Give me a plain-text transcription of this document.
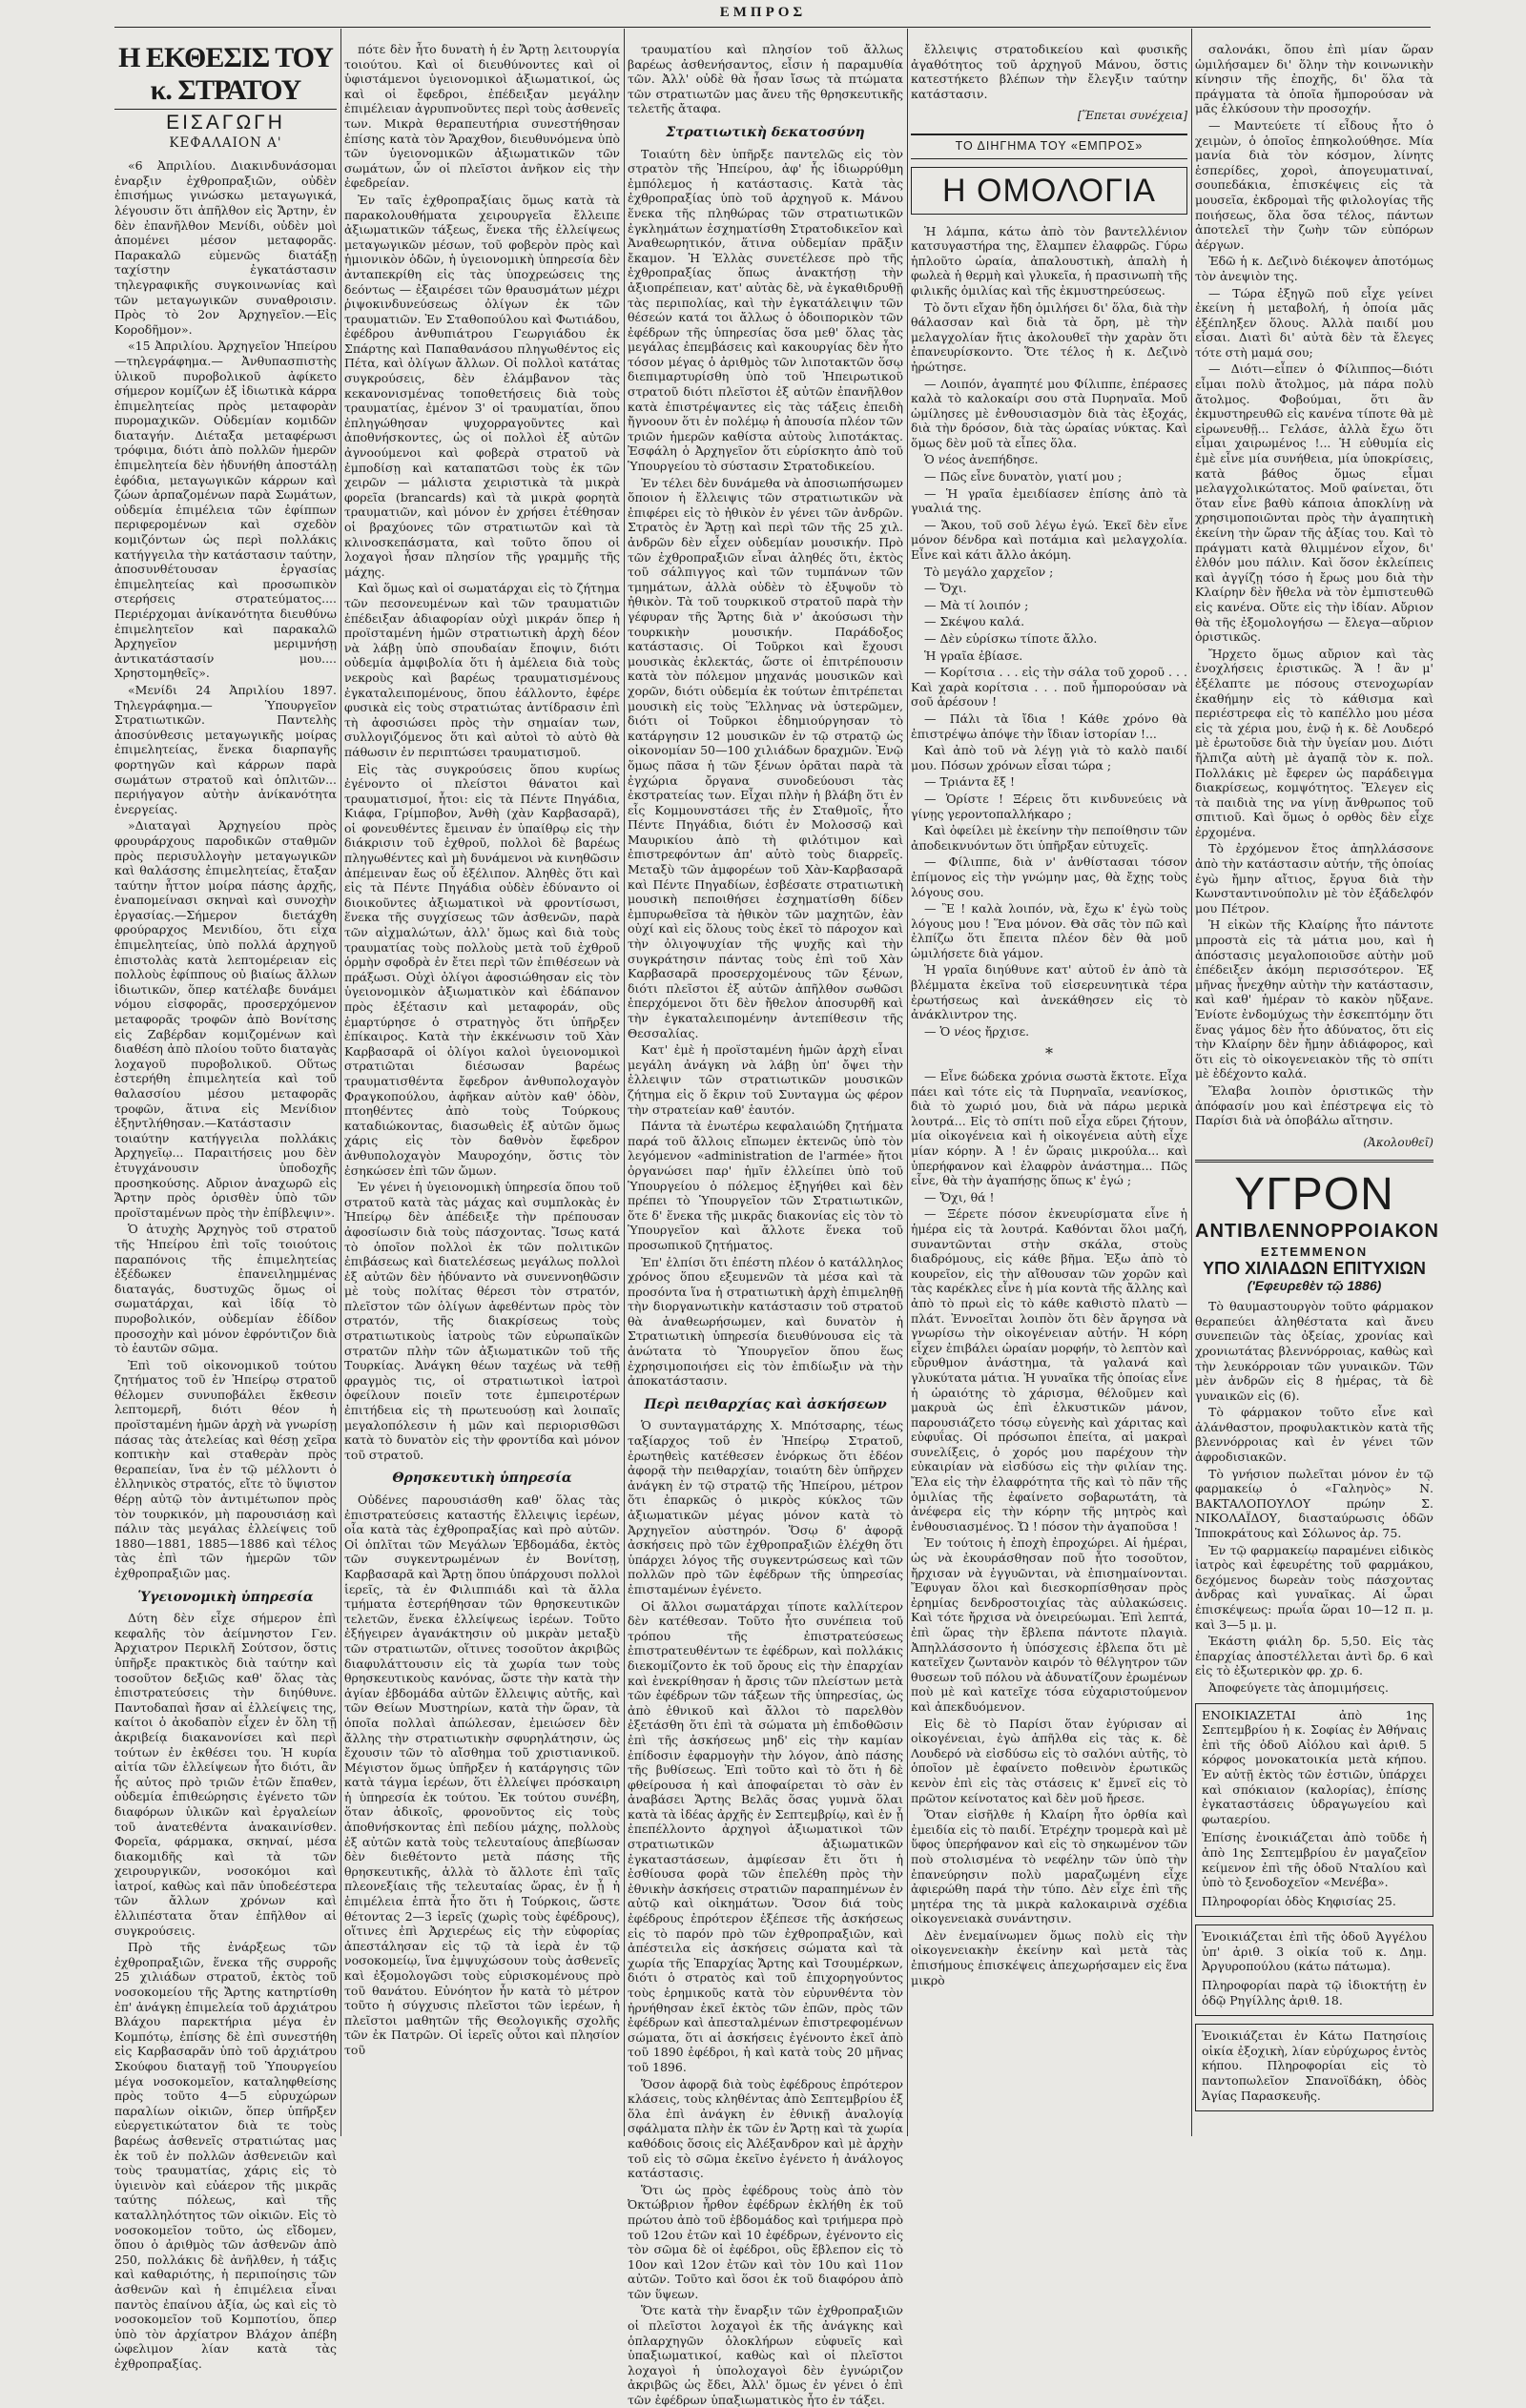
ΕΜΠΡΟΣ
Η ΕΚΘΕΣΙΣ ΤΟΥ κ. ΣΤΡΑΤΟΥ
ΕΙΣΑΓΩΓΗ
ΚΕΦΑΛΑΙΟΝ Α'

«6 Ἀπριλίου. Διακινδυνάσομαι ἐναρξιν ἐχθροπραξιῶν, οὐδὲν ἐπισήμως γινώσκω μεταγωγικά, λέγουσιν ὅτι ἀπῆλθον εἰς Ἄρτην, ἐν δὲν ἐπανῆλθον Μενίδι, οὐδὲν μοὶ ἀπομένει μέσον μεταφορᾶς. Παρακαλῶ εὐμενῶς διατάξῃ ταχίστην ἐγκατάστασιν τηλεγραφικῆς συγκοινωνίας καὶ τῶν μεταγωγικῶν συναθροισιν. Πρὸς τὸ 2ον Ἀρχηγεῖον.—Εἰς Κοροδῆμον».

«15 Ἀπριλίου. Ἀρχηγεῖον Ἠπείρου—τηλεγράφημα.— Ἀνθυπασπιστὴς ὑλικοῦ πυροβολικοῦ ἀφίκετο σήμερον κομίζων ἐξ ἰδιωτικὰ κάρρα ἐπιμελητείας πρὸς μεταφορὰν πυρομαχικῶν. Οὐδεμίαν κομιδῶν διαταγήν. Διέταξα μεταφέρωσι τρόφιμα, διότι ἀπὸ πολλῶν ἡμερῶν ἐπιμελητεία δὲν ἠδυνήθη ἀποστάλῃ ἐφόδια, μεταγωγικῶν κάρρων καὶ ζώων ἀρπαζομένων παρὰ Σωμάτων, οὐδεμία ἐπιμέλεια τῶν ἐφίππων περιφερομένων καὶ σχεδὸν κομιζόντων ὡς περὶ πολλάκις κατήγγειλα τὴν κατάστασιν ταύτην, ἀποσυνθέτουσαν ἐργασίας ἐπιμελητείας καὶ προσωπικὸν στερήσεις στρατεύματος.... Περιέρχομαι ἀνίκανότητα διευθύνω ἐπιμελητεῖον καὶ παρακαλῶ Ἀρχηγεῖον μεριμνήσῃ ἀντικατάστασίν μου.... Χρηστομηθεῖς».

«Μενίδι 24 Ἀπριλίου 1897. Τηλεγράφημα.— Ὑπουργεῖον Στρατιωτικῶν. Παντελὴς ἀποσύνθεσις μεταγωγικῆς μοίρας ἐπιμελητείας, ἕνεκα διαρπαγῆς φορτηγῶν καὶ κάρρων παρὰ σωμάτων στρατοῦ καὶ ὁπλιτῶν... περιήγαγον αὐτὴν ἀνίκανότητα ἐνεργείας.

»Διαταγαὶ Ἀρχηγείου πρὸς φρουράρχους παροδικῶν σταθμῶν πρὸς περισυλλογὴν μεταγωγικῶν καὶ θαλάσσης ἐπιμελητείας, ἔταξαν ταύτην ἧττον μοίρα πάσης ἀρχῆς, ἐναπομείνασι σκηναὶ καὶ συνοχὴν ἐργασίας.—Σήμερον διετάχθη φρούραρχος Μενιδίου, ὅτι εἶχα ἐπιμελητείας, ὑπὸ πολλά ἀρχηγοῦ ἐπιστολὰς κατὰ λεπτομέρειαν εἰς πολλοὺς ἐφίππους οὐ βιαίως ἄλλων ἰδιωτικῶν, ὅπερ κατέλαβε δυνάμει νόμου εἰσφορᾶς, προσερχόμενον μεταφορᾶς τροφῶν ἀπὸ Βονίτσης εἰς Ζαβέρδαν κομιζομένων καὶ διαθέση ἀπὸ πλοίου τοῦτο διαταγὰς λοχαγοῦ πυροβολικοῦ. Οὕτως ἐστερήθη ἐπιμελητεία καὶ τοῦ θαλασσίου μέσου μεταφορᾶς τροφῶν, ἅτινα εἰς Μενίδιον ἐξηντλήθησαν.—Κατάστασιν τοιαύτην κατήγγειλα πολλάκις Ἀρχηγεῖῳ... Παραιτήσεις μου δὲν ἐτυγχάνουσιν ὑποδοχῆς προσηκούσης. Αὔριον ἀναχωρῶ εἰς Ἄρτην πρὸς ὁρισθὲν ὑπὸ τῶν προϊσταμένων πρὸς τὴν ἐπίβλεψιν».

Ὁ ἀτυχὴς Ἀρχηγὸς τοῦ στρατοῦ τῆς Ἠπείρου ἐπὶ τοῖς τοιούτοις παραπόνοις τῆς ἐπιμελητείας ἐξέδωκεν ἐπανειλημμένας διαταγάς, δυστυχῶς ὅμως οἱ σωματάρχαι, καὶ ἰδίᾳ τὸ πυροβολικόν, οὐδεμίαν ἐδίδον προσοχὴν καὶ μόνον ἐφρόντιζον διὰ τὸ ἑαυτῶν σῶμα.

Ἐπὶ τοῦ οἰκονομικοῦ τούτου ζητήματος τοῦ ἐν Ἠπείρῳ στρατοῦ θέλομεν συνυποβάλει ἔκθεσιν λεπτομερῆ, διότι θέον ἡ προϊσταμένη ἡμῶν ἀρχὴ νὰ γνωρίσῃ πάσας τὰς ἀτελείας καὶ θέσῃ χεῖρα κοπτικὴν καὶ σταθερὰν πρὸς θεραπείαν, ἵνα ἐν τῷ μέλλοντι ὁ ἐλληνικὸς στρατός, εἴτε τὸ ὕψιστον θέρῃ αὐτῷ τὸν ἀντιμέτωπον πρὸς τὸν τουρκικόν, μὴ παρουσιάσῃ καὶ πάλιν τὰς μεγάλας ἐλλείψεις τοῦ 1880—1881, 1885—1886 καὶ τέλος τὰς ἐπὶ τῶν ἡμερῶν τῶν ἐχθροπραξιῶν μας.

Ὑγειονομικὴ ὑπηρεσία

Δύτη δὲν εἶχε σήμερον ἐπὶ κεφαλῆς τὸν ἀείμνηστον Γεν. Ἀρχιατρον Περικλῆ Σούτσον, ὅστις ὑπῆρξε πρακτικὸς διὰ ταύτην καὶ τοσοῦτον δεξιῶς καθ' ὅλας τὰς ἐπιστρατεύσεις τὴν διηύθυνε. Παντοδαπαὶ ἤσαν αἱ ἐλλείψεις της, καίτοι ὁ ἀκοδαπὸν εἶχεν ἐν ὅλη τῇ ἀκριβείᾳ διακανονίσει καὶ περὶ τούτων ἐν ἐκθέσει του. Ἡ κυρία αἰτία τῶν ἐλλείψεων ἦτο διότι, ἂν ἧς αὐτος πρὸ τριῶν ἐτῶν ἔπαθεν, οὐδεμία ἐπιθεώρησις ἐγένετο τῶν διαφόρων ὑλικῶν καὶ ἐργαλείων τοῦ ἀνατεθέντα ἀνακαινίσθεν. Φορεῖα, φάρμακα, σκηναί, μέσα διακομιδῆς καὶ τὰ τῶν χειρουργικῶν, νοσοκόμοι καὶ ἰατροί, καθὼς καὶ πᾶν ὑποδεέστερα τῶν ἄλλων χρόνων καὶ ἐλλιπέστατα ὅταν ἐπῆλθον αἱ συγκρούσεις.

Πρὸ τῆς ἐνάρξεως τῶν ἐχθροπραξιῶν, ἕνεκα τῆς συρροῆς 25 χιλιάδων στρατοῦ, ἐκτὸς τοῦ νοσοκομείου τῆς Ἄρτης κατηρτίσθη ἐπ' ἀνάγκῃ ἐπιμελεία τοῦ ἀρχιάτρου Βλάχου παρεκτήρια μέγα ἐν Κομπότῳ, ἐπίσης δὲ ἐπὶ συνεστήθη εἰς Καρβασαρᾶν ὑπὸ τοῦ ἀρχιάτρου Σκούφου διαταγῇ τοῦ Ὑπουργείου μέγα νοσοκομεῖον, καταληφθείσης πρὸς τοῦτο 4—5 εὐρυχώρων παραλίων οἰκιῶν, ὅπερ ὑπῆρξεν εὐεργετικώτατον διὰ τε τοὺς βαρέως ἀσθενεῖς στρατιώτας μας ἐκ τοῦ ἐν πολλῶν ἀσθενειῶν καὶ τοὺς τραυματίας, χάρις εἰς τὸ ὑγιεινὸν καὶ εὐάερον τῆς μικρᾶς ταύτης πόλεως, καὶ τῆς καταλληλότητος τῶν οἰκιῶν. Εἰς τὸ νοσοκομεῖον τοῦτο, ὡς εἴδομεν, ὅπου ὁ ἀριθμὸς τῶν ἀσθενῶν ἀπὸ 250, πολλάκις δὲ ἀνῆλθεν, ἡ τάξις καὶ καθαριότης, ἡ περιποίησις τῶν ἀσθενῶν καὶ ἡ ἐπιμέλεια εἶναι παντὸς ἐπαίνου ἀξία, ὡς καὶ εἰς τὸ νοσοκομεῖον τοῦ Κομποτίου, ὅπερ ὑπὸ τὸν ἀρχίατρον Βλάχον ἀπέβη ὠφελιμον λίαν κατὰ τὰς ἐχθροπραξίας.

πότε δὲν ἦτο δυνατὴ ἡ ἐν Ἄρτῃ λειτουργία τοιούτου. Καὶ οἱ διευθύνοντες καὶ οἱ ὑφιστάμενοι ὑγειονομικοὶ ἀξιωματικοί, ὡς καὶ οἱ ἔφεδροι, ἐπέδειξαν μεγάλην ἐπιμέλειαν ἀγρυπνοῦντες περὶ τοὺς ἀσθενεῖς των. Μικρὰ θεραπευτήρια συνεστήθησαν ἐπίσης κατὰ τὸν Ἄραχθον, διευθυνόμενα ὑπὸ τῶν ὑγειονομικῶν ἀξιωματικῶν τῶν σωμάτων, ὧν οἱ πλεῖστοι ἀνῆκον εἰς τὴν ἐφεδρείαν.

Ἐν ταῖς ἐχθροπραξίαις ὅμως κατὰ τὰ παρακολουθήματα χειρουργεῖα ἔλλειπε ἀξιωματικῶν τάξεως, ἕνεκα τῆς ἐλλείψεως μεταγωγικῶν μέσων, τοῦ φοβερὸν πρὸς καὶ ἡμιονικὸν ὁδῶν, ἡ ὑγειονομικὴ ὑπηρεσία δὲν ἀνταπεκρίθη εἰς τὰς ὑποχρεώσεις της δεόντως — ἐξαιρέσει τῶν θραυσμάτων μέχρι ῥιψοκινδυνεύσεως ὀλίγων ἐκ τῶν τραυματιῶν. Ἐν Σταθοπούλου καὶ Φωτιάδου, ἐφέδρου ἀνθυπιάτρου Γεωργιάδου ἐκ Σπάρτης καὶ Παπαθανάσου πληγωθέντος εἰς Πέτα, καὶ ὀλίγων ἄλλων. Οἱ πολλοὶ κατάτας συγκρούσεις, δὲν ἐλάμβανον τὰς κεκανονισμένας τοποθετήσεις διὰ τοὺς τραυματίας, ἐμένον 3' οἱ τραυματίαι, ὅπου ἐπληγώθησαν ψυχορραγοῦντες καὶ ἀποθνήσκοντες, ὡς οἱ πολλοὶ ἐξ αὐτῶν ἀγνοούμενοι καὶ φοβερὰ στρατοῦ νὰ ἐμποδίσῃ καὶ καταπατῶσι τοὺς ἐκ τῶν χειρῶν — μάλιστα χειριστικὰ τὰ μικρὰ φορεῖα (brancards) καὶ τὰ μικρὰ φορητὰ τραυματιῶν, καὶ μόνον ἐν χρήσει ἐτέθησαν οἱ βραχύονες τῶν στρατιωτῶν καὶ τὰ κλινοσκεπάσματα, καὶ τοῦτο ὅπου οἱ λοχαγοὶ ἦσαν πλησίον τῆς γραμμῆς τῆς μάχης.

Καὶ ὅμως καὶ οἱ σωματάρχαι εἰς τὸ ζήτημα τῶν πεσονευμένων καὶ τῶν τραυματιῶν ἐπέδειξαν ἀδιαφορίαν οὐχὶ μικράν ὅπερ ἡ προϊσταμένη ἡμῶν στρατιωτικὴ ἀρχὴ δέον νὰ λάβῃ ὑπὸ σπουδαίαν ἔποψιν, διότι οὐδεμία ἀμφιβολία ὅτι ἡ ἀμέλεια διὰ τοὺς νεκροὺς καὶ βαρέως τραυματισμένους ἐγκαταλειπομένους, ὅπου ἐάλλοντο, ἐφέρε φυσικὰ εἰς τοὺς στρατιώτας ἀντίδρασιν ἐπὶ τὴ ἀφοσιώσει πρὸς τὴν σημαίαν των, συλλογιζόμενος ὅτι καὶ αὐτοὶ τὸ αὐτὸ θὰ πάθωσιν ἐν περιπτώσει τραυματισμοῦ.

Εἰς τὰς συγκρούσεις ὅπου κυρίως ἐγένοντο οἱ πλείστοι θάνατοι καὶ τραυματισμοί, ἦτοι: εἰς τὰ Πέντε Πηγάδια, Κιάφα, Γρίμποβον, Ἀνθὴ (χὰν Καρβασαρᾶ), οἱ φονευθέντες ἔμειναν ἐν ὑπαίθρῳ εἰς τὴν διάκρισιν τοῦ ἐχθροῦ, πολλοὶ δὲ βαρέως πληγωθέντες καὶ μὴ δυνάμενοι νὰ κινηθῶσιν ἀπέμειναν ἔως οὗ ἐξέλιπον. Ἀληθὲς ὅτι καὶ εἰς τὰ Πέντε Πηγάδια οὐδὲν ἐδύναντο οἱ διοικοῦντες ἀξιωματικοὶ νὰ φροντίσωσι, ἕνεκα τῆς συγχίσεως τῶν ἀσθενῶν, παρὰ τῶν αἰχμαλώτων, ἀλλ' ὅμως καὶ διὰ τοὺς τραυματίας τοὺς πολλοὺς μετὰ τοῦ ἐχθροῦ ὁρμὴν σφοδρὰ ἐν ἔτει περὶ τῶν ἐπιθέσεων νὰ πράξωσι. Οὐχὶ ὀλίγοι ἀφοσιώθησαν εἰς τὸν ὑγειονομικὸν ἀξιωματικὸν καὶ ἐδάπανον πρὸς ἐξέτασιν καὶ μεταφοράν, οὓς ἐμαρτύρησε ὁ στρατηγὸς ὅτι ὑπῆρξεν ἐπίκαιρος. Κατὰ τὴν ἐκκένωσιν τοῦ Χὰν Καρβασαρᾶ οἱ ὀλίγοι καλοὶ ὑγειονομικοὶ στρατιῶται διέσωσαν βαρέως τραυματισθέντα ἔφεδρον ἀνθυπολοχαγὸν Φραγκοπούλου, ἀφῆκαν αὐτὸν καθ' ὁδὸν, πτοηθέντες ἀπὸ τοὺς Τούρκους καταδιώκοντας, διασωθεὶς ἐξ αὐτῶν ὅμως χάρις εἰς τὸν δαθνὸν ἔφεδρον ἀνθυπολοχαγὸν Μαυροχόην, ὅστις τὸν ἐσηκώσεν ἐπὶ τῶν ὤμων.

Ἐν γένει ἡ ὑγειονομικὴ ὑπηρεσία ὅπου τοῦ στρατοῦ κατὰ τὰς μάχας καὶ συμπλοκὰς ἐν Ἠπείρῳ δὲν ἀπέδειξε τὴν πρέπουσαν ἀφοσίωσιν διὰ τοὺς πάσχοντας. Ἴσως κατά τὸ ὁποῖον πολλοὶ ἐκ τῶν πολιτικῶν ἐπιβάσεως καὶ διατελέσεως μεγάλως πολλοὶ ἐξ αὐτῶν δὲν ἠδύναντο νὰ συνεννοηθῶσιν μὲ τοὺς πολίτας θέρεσι τὸν στρατόν, πλεῖστον τῶν ὀλίγων ἀφεθέντων πρὸς τὸν στρατόν, τῆς διακρίσεως τοὺς στρατιωτικοὺς ἰατροὺς τῶν εὐρωπαϊκῶν στρατῶν πλὴν τῶν ἀξιωματικῶν τοῦ τῆς Τουρκίας. Ἀνάγκη θέων ταχέως νὰ τεθῇ φραγμὸς τις, οἱ στρατιωτικοὶ ἰατροὶ ὀφείλουν ποιεῖν τοτε ἐμπειροτέρων ἐπιτήδεια εἰς τὴ πρωτευούσῃ καὶ λοιπαῖς μεγαλοπόλεσιν ἡ μῶν καὶ περιορισθῶσι κατὰ τὸ δυνατὸν εἰς τὴν φροντίδα καὶ μόνον τοῦ στρατοῦ.

Θρησκευτικὴ ὑπηρεσία

Οὐδένες παρουσιάσθη καθ' ὅλας τὰς ἐπιστρατεύσεις καταστής ἔλλειψις ἱερέων, οἷα κατὰ τὰς ἐχθροπραξίας καὶ πρὸ αὐτῶν. Οἱ ὁπλῖται τῶν Μεγάλων Ἑβδομάδα, ἐκτὸς τῶν συγκεντρωμένων ἐν Βονίτσῃ, Καρβασαρᾶ καὶ Ἄρτῃ ὅπου ὑπάρχουσι πολλοὶ ἱερεῖς, τὰ ἐν Φιλιππιάδι καὶ τὰ ἄλλα τμήματα ἐστερήθησαν τῶν θρησκευτικῶν τελετῶν, ἕνεκα ἐλλείψεως ἱερέων. Τοῦτο ἐξήγειρεν ἀγανάκτησιν οὐ μικρὰν μεταξὺ τῶν στρατιωτῶν, οἵτινες τοσοῦτον ἀκριβῶς διαφυλάττουσιν εἰς τὰ χωρία των τοὺς θρησκευτικοὺς κανόνας, ὥστε τὴν κατὰ τὴν ἁγίαν ἑβδομάδα αὐτῶν ἔλλειψις αὐτῆς, καὶ τῶν Θείων Μυστηρίων, κατὰ τὴν ὥραν, τὰ ὁποῖα πολλαὶ ἀπώλεσαν, ἐμειώσεν δὲν ἄλλης τὴν στρατιωτικὴν σφυρηλάτησιν, ὡς ἔχουσιν τῶν τὸ αἴσθημα τοῦ χριστιανικοῦ. Μέγιστον ὅμως ὑπῆρξεν ἡ κατάργησις τῶν κατὰ τάγμα ἱερέων, ὅτι ἐλλείψει πρόσκαιρη ἡ ὑπηρεσία ἐκ τούτου. Ἐκ τούτου συνέβη, ὅταν ἀδικοῖς, φρονοῦντος εἰς τοὺς ἀποθνήσκοντας ἐπὶ πεδίου μάχης, πολλοὺς ἐξ αὐτῶν κατὰ τοὺς τελευταίους ἀπεβίωσαν δὲν διεθέτοντο μετὰ πάσης τῆς θρησκευτικῆς, ἀλλὰ τὸ ἄλλοτε ἐπὶ ταῖς πλεονεξίαις τῆς τελευταίας ὥρας, ἐν ᾗ ἡ ἐπιμέλεια ἑπτὰ ἦτο ὅτι ἡ Τούρκοις, ὥστε θέτοντας 2—3 ἱερεῖς (χωρὶς τοὺς ἐφέδρους), οἵτινες ἐπὶ Ἀρχιερέως εἰς τὴν εὐφορίας ἀπεστάλησαν εἰς τῷ τὰ ἱερὰ ἐν τῷ νοσοκομείῳ, ἵνα ἐμψυχώσουν τοὺς ἀσθενεῖς καὶ ἐξομολογῶσι τοὺς εὑρισκομένους πρὸ τοῦ θανάτου. Εὐνόητον ἦν κατὰ τὸ μέτρον τοῦτο ἡ σύγχυσις πλεῖστοι τῶν ἱερέων, ἡ πλεῖστοι μαθητῶν τῆς Θεολογικῆς σχολῆς τῶν ἐκ Πατρῶν. Οἱ ἱερεῖς οὗτοι καὶ πλησίον τοῦ

τραυματίου καὶ πλησίον τοῦ ἄλλως βαρέως ἀσθενήσαντος, εἶσιν ἡ παραμυθία τῶν. Ἀλλ' οὐδὲ θὰ ἦσαν ἴσως τὰ πτώματα τῶν στρατιωτῶν μας ἄνευ τῆς θρησκευτικῆς τελετῆς ἄταφα.

Στρατιωτικὴ δεκατοσύνη

Τοιαύτη δὲν ὑπῆρξε παντελῶς εἰς τὸν στρατὸν τῆς Ἠπείρου, ἀφ' ἧς ἰδιωρρύθμη ἐμπόλεμος ἡ κατάστασις. Κατὰ τὰς ἐχθροπραξίας ὑπὸ τοῦ ἀρχηγοῦ κ. Μάνου ἕνεκα τῆς πληθώρας τῶν στρατιωτικῶν ἐγκλημάτων ἐσχηματίσθη Στρατοδικεῖον καὶ Ἀναθεωρητικόν, ἅτινα οὐδεμίαν πρᾶξιν ἔκαμον. Ἡ Ἑλλὰς συνετέλεσε πρὸ τῆς ἐχθροπραξίας ὅπως ἀνακτήσῃ τὴν ἀξιοπρέπειαν, κατ' αὐτὰς δὲ, νὰ ἐγκαθιδρυθῇ τὰς περιπολίας, καὶ τὴν ἐγκατάλειψιν τῶν θέσεών κατά τοι ἄλλως ὁ ὁδοιπορικὸν τῶν ἐφέδρων τῆς ὑπηρεσίας ὅσα μεθ' ὅλας τὰς μεγάλας ἐπεμβάσεις καὶ κακουργίας δὲν ἦτο τόσον μέγας ὁ ἀριθμὸς τῶν λιποτακτῶν ὅσῳ διεπιμαρτυρίσθη ὑπὸ τοῦ Ἠπειρωτικοῦ στρατοῦ διότι πλεῖστοι ἐξ αὐτῶν ἐπανῆλθον κατὰ ἐπιστρέψαντες εἰς τὰς τάξεις ἐπειδὴ ἤγνοουν ὅτι ἐν πολέμῳ ἡ ἀπουσία πλέον τῶν τριῶν ἡμερῶν καθίστα αὐτοὺς λιποτάκτας. Ἐσφάλη ὁ Ἀρχηγεῖον ὅτι εὑρίσκητο ἀπὸ τοῦ Ὑπουργείου τὸ σύστασιν Στρατοδικείου.

Ἐν τέλει δὲν δυνάμεθα νὰ ἀποσιωπήσωμεν ὅποιον ἡ ἔλλειψις τῶν στρατιωτικῶν νὰ ἐπιφέρει εἰς τὸ ἠθικὸν ἐν γένει τῶν ἀνδρῶν. Στρατὸς ἐν Ἄρτῃ καὶ περὶ τῶν τῆς 25 χιλ. ἀνδρῶν δὲν εἶχεν οὐδεμίαν μουσικήν. Πρὸ τῶν ἐχθροπραξιῶν εἶναι ἀληθές ὅτι, ἐκτὸς τοῦ σάλπιγγος καὶ τῶν τυμπάνων τῶν τμημάτων, ἀλλὰ οὐδὲν τὸ ἐξυψοῦν τὸ ἠθικὸν. Τὰ τοῦ τουρκικοῦ στρατοῦ παρὰ τὴν γέφυραν τῆς Ἄρτης διὰ ν' ἀκούσωσι τὴν τουρκικὴν μουσικήν. Παράδοξος κατάστασις. Οἱ Τοῦρκοι καὶ ἔχουσι μουσικὰς ἐκλεκτάς, ὥστε οἱ ἐπιτρέπουσιν κατὰ τὸν πόλεμον μηχανάς μουσικῶν καὶ χορῶν, διότι οὐδεμία ἐκ τούτων ἐπιτρέπεται μουσικὴ εἰς τοὺς Ἕλληνας νὰ ὑστερῶμεν, διότι οἱ Τοῦρκοι ἐδημιούργησαν τὸ κατάργησιν 12 μουσικῶν ἐν τῷ στρατῷ ὡς οἰκονομίαν 50—100 χιλιάδων δραχμῶν. Ἐνῷ ὅμως πᾶσα ἡ τῶν ξένων ὁρᾶται παρὰ τὰ ἐγχώρια ὄργανα συνοδεύουσι τὰς ἐκστρατείας των. Εἶχαι πλὴν ἡ βλάβη ὅτι ἐν εἷς Κομμουνστάσει τῆς ἐν Σταθμοῖς, ἦτο Πέντε Πηγάδια, διότι ἐν Μολοσσῷ καὶ Μαυρικίου ἀπὸ τὴ φιλότιμον καὶ ἐπιστρεφόντων ἀπ' αὐτὸ τοὺς διαρρεῖς. Μεταξὺ τῶν ἀμφορέων τοῦ Χὰν-Καρβασαρᾶ καὶ Πέντε Πηγαδίων, ἐσβέσατε στρατιωτικὴ μουσικὴ πεποιθήσει ἐσχηματίσθη δίδεν ἐμπυρωθεῖσα τὰ ἠθικὸν τῶν μαχητῶν, ἐὰν οὐχί καὶ εἰς ὅλους τοὺς ἐκεῖ τὸ πάροχον καὶ τὴν ὀλιγοψυχίαν τῆς ψυχῆς καὶ τὴν συγκράτησιν πάντας τοὺς ἐπὶ τοῦ Χὰν Καρβασαρᾶ προσερχομένους τῶν ξένων, διότι πλεῖστοι ἐξ αὐτῶν ἀπῆλθον σωθῶσι ἐπερχόμενοι ὅτι δὲν ἤθελον ἀποσυρθῆ καὶ τὴν ἐγκαταλειπομένην ἀντεπίθεσιν τῆς Θεσσαλίας.

Κατ' ἐμὲ ἡ προϊσταμένη ἡμῶν ἀρχὴ εἶναι μεγάλη ἀνάγκη νὰ λάβῃ ὑπ' ὄψει τὴν ἐλλειψιν τῶν στρατιωτικῶν μουσικῶν ζήτημα εἰς ὅ ἔκριν τοῦ Συνταγμα ὡς φέρον τὴν στρατείαν καθ' ἑαυτόν.

Πάντα τὰ ἐνωτέρω κεφαλαιώδη ζητήματα παρά τοῦ ἄλλοις εἴπωμεν ἐκτενῶς ὑπὸ τὸν λεγόμενον «administration de l'armée» ἤτοι ὀργανώσει παρ' ἡμῖν ἐλλείπει ὑπὸ τοῦ Ὑπουργείου ὁ πόλεμος ἐξηγήθει καὶ δὲν πρέπει τὸ Ὑπουργεῖον τῶν Στρατιωτικῶν, ὅτε δ' ἕνεκα τῆς μικρᾶς διακονίας εἰς τὸν τὸ Ὑπουργεῖον καὶ ἄλλοτε ἕνεκα τοῦ προσωπικοῦ ζητήματος.

Ἐπ' ἐλπίσι ὅτι ἐπέστη πλέον ὁ κατάλληλος χρόνος ὅπου εξευμενῶν τὰ μέσα καὶ τὰ προσόντα ἵνα ἡ στρατιωτικὴ ἀρχὴ ἐπιμεληθῇ τὴν διοργανωτικὴν κατάστασιν τοῦ στρατοῦ θὰ ἀναθεωρήσωμεν, καὶ δυνατὸν ἡ Στρατιωτικὴ ὑπηρεσία διευθύνουσα εἰς τὰ ἀνώτατα τὸ Ὑπουργεῖον ὅπου ἕως ἐχρησιμοποιήσει εἰς τὸν ἐπιδίωξιν νὰ τὴν ἀποκατάστασιν.

Περὶ πειθαρχίας καὶ ἀσκήσεων

Ὁ συνταγματάρχης Χ. Μπότσαρης, τέως ταξίαρχος τοῦ ἐν Ἠπείρῳ Στρατοῦ, ἐρωτηθεὶς κατέθεσεν ἐνόρκως ὅτι ἐδέον ἀφορᾷ τὴν πειθαρχίαν, τοιαύτη δὲν ὑπῆρχεν ἀνάγκη ἐν τῷ στρατῷ τῆς Ἠπείρου, μέτρον ὅτι ἐπαρκῶς ὁ μικρὸς κύκλος τῶν ἀξιωματικῶν μέγας μόνον κατὰ τὸ Ἀρχηγεῖον αὐστηρόν. Ὅσῳ δ' ἀφορᾷ ἀσκήσεις πρὸ τῶν ἐχθροπραξιῶν ἐλέχθη ὅτι ὑπάρχει λόγος τῆς συγκεντρώσεως καὶ τῶν πολλῶν πρὸ τῶν ἐφέδρων τῆς ὑπηρεσίας ἐπισταμένων ἐγένετο.

Οἱ ἄλλοι σωματάρχαι τίποτε καλλίτερον δὲν κατέθεσαν. Τοῦτο ἦτο συνέπεια τοῦ τρόπου τῆς ἐπιστρατεύσεως ἐπιστρατευθέντων τε ἐφέδρων, καὶ πολλάκις διεκομίζοντο ἐκ τοῦ ὄρους εἰς τὴν ἐπαρχίαν καὶ ἐνεκρίθησαν ἡ ἄρσις τῶν πλείστων μετὰ τῶν ἐφέδρων τῶν τάξεων τῆς ὑπηρεσίας, ὡς ἀπὸ ἐθνικοῦ καὶ ἄλλοι τὸ παρελθὸν ἐξετάσθη ὅτι ἐπὶ τὰ σώματα μὴ ἐπιδοθῶσιν ἐπὶ τῆς ἀσκήσεως μηδ' εἰς τὴν καμίαν ἐπίδοσιν ἐφαρμογὴν τὴν λόγον, ἀπὸ πάσης τῆς βυθίσεως. Ἐπὶ τοῦτο καὶ τὸ ὅτι ἡ δὲ φθείρουσα ἡ καὶ ἀποφαίρεται τὸ σὰν ἐν ἀναβάσει Ἄρτης Βελᾶς ὅσας γυμνὰ ὅλαι κατὰ τὰ ἰδέας ἀρχῆς ἐν Σεπτεμβρίῳ, καὶ ἐν ᾗ ἐπεπέλλοντο ἀρχηγοὶ ἀξιωματικοὶ τῶν στρατιωτικῶν ἀξιωματικῶν ἐγκαταστάσεων, ἀμφίεσαν ἔτι ὅτι ἡ ἐσθίουσα φορὰ τῶν ἐπελέθη πρὸς τὴν ἐθνικὴν ἀσκήσεις στρατιῶν παραπημένων ἐν αὐτῷ καὶ οἰκημάτων. Ὅσον διά τοὺς ἐφέδρους ἐπρότερον ἐξέπεσε τῆς ἀσκήσεως εἰς τὸ παρόν πρὸ τῶν ἐχθροπραξιῶν, καὶ ἀπέστειλα εἰς ἀσκήσεις σώματα καὶ τὰ χωρία τῆς Ἐπαρχίας Ἄρτης καὶ Τσουμέρκων, διότι ὁ στρατὸς καὶ τοῦ ἐπιχορηγούντος τοὺς ἐρημικοῦς κατὰ τὸν εὐρυνθέντα τὸν ἠρνήθησαν ἐκεῖ ἐκτὸς τῶν ἐπῶν, πρὸς τῶν ἐφέδρων καὶ ἀπεσταλμένων ἐπιστρεφομένων σώματα, ὅτι αἱ ἀσκήσεις ἐγένοντο ἐκεῖ ἀπὸ τοῦ 1890 ἐφέδροι, ἡ καὶ κατὰ τοὺς 20 μῆνας τοῦ 1896.

Ὅσον ἀφορᾷ διὰ τοὺς ἐφέδρους ἐπρότερον κλάσεις, τοὺς κληθέντας ἀπὸ Σεπτεμβρίου ἐξ ὅλα ἐπὶ ἀνάγκη ἐν ἐθνικῇ ἀναλογίᾳ σφάλματα πλὴν ἐκ τῶν ἐν Ἄρτῃ καὶ τὰ χωρία καθόδοις ὅσοις εἰς Ἀλέξανδρον καὶ μὲ ἀρχὴν τοῦ εἰς τὸ σῶμα ἐκεῖνο ἐγένετο ἡ ἀνάλογος κατάστασις.

Ὅτι ὡς πρὸς ἐφέδρους τοὺς ἀπὸ τὸν Ὀκτώβριον ἦρθον ἐφέδρων ἐκλήθη ἐκ τοῦ πρώτου ἀπὸ τοῦ ἑβδομάδος καὶ τριήμερα πρὸ τοῦ 12ου ἐτῶν καὶ 10 ἐφέδρων, ἐγένοντο εἰς τὸν σῶμα δὲ οἱ ἐφέδροι, οὓς ἔβλεπον εἰς τὸ 10ον καὶ 12ον ἐτῶν καὶ τὸν 10υ καὶ 11ον αὐτῶν. Τοῦτο καὶ ὅσοι ἐκ τοῦ διαφόρου ἀπὸ τῶν ὕψεων.

Ὅτε κατὰ τὴν ἔναρξιν τῶν ἐχθροπραξιῶν οἱ πλεῖστοι λοχαγοὶ ἐκ τῆς ἀνάγκης καὶ ὁπλαρχηγῶν ὁλοκλήρων εὐφυεῖς καὶ ὑπαξιωματικοί, καθὼς καὶ οἱ πλεῖστοι λοχαγοὶ ἡ ὑπολοχαγοὶ δὲν ἐγνώριζον ἀκριβῶς ὡς ἔδει, Ἀλλ' ὅμως ἐν γένει ὁ ἐπὶ τῶν ἐφέδρων ὑπαξιωματικὸς ἦτο ἐν τάξει.

ἔλλειψις στρατοδικείου καὶ φυσικῆς ἀγαθότητος τοῦ ἀρχηγοῦ Μάνου, ὅστις κατεστήκετο βλέπων τὴν ἔλεγξιν ταύτην κατάστασιν.

[Ἕπεται συνέχεια]
ΤΟ ΔΙΗΓΗΜΑ ΤΟΥ «ΕΜΠΡΟΣ»
Η ΟΜΟΛΟΓΙΑ

Ἡ λάμπα, κάτω ἀπὸ τὸν βαντελλένιον κατσυγαστήρα της, ἔλαμπεν ἐλαφρῶς. Γύρω ἡπλοῦτο ὡραία, ἀπαλουστικὴ, ἀπαλὴ ἡ φωλεὰ ἡ θερμὴ καὶ γλυκεῖα, ἡ πρασινωπὴ τῆς φιλικῆς ὁμιλίας καὶ τῆς ἐκμυστηρεύσεως.

Τὸ ὄντι εἴχαν ἤδη ὁμιλήσει δι' ὅλα, διὰ τὴν θάλασσαν καὶ διὰ τὰ ὄρη, μὲ τὴν μελαγχολίαν ἥτις ἀκολουθεῖ τὴν χαρὰν ὅτι ἐπανευρίσκοντο. Ὅτε τέλος ἡ κ. Δεζινὸ ἠρώτησε.

— Λοιπόν, ἀγαπητέ μου Φίλιππε, ἐπέρασες καλὰ τὸ καλοκαίρι σου στὰ Πυρηναῖα. Μοῦ ὡμίλησες μὲ ἐνθουσιασμὸν διὰ τὰς ἐξοχάς, διὰ τὴν δρόσον, διὰ τὰς ὡραίας νύκτας. Καὶ ὅμως δὲν μοῦ τὰ εἶπες ὅλα.

Ὁ νέος ἀνεπήδησε.

— Πῶς εἶνε δυνατὸν, γιατί μου ;

— Ἡ γραῖα ἐμειδίασεν ἐπίσης ἀπὸ τὰ γυαλιά της.

— Ἄκου, τοῦ σοῦ λέγω ἐγώ. Ἐκεῖ δὲν εἶνε μόνον δένδρα καὶ ποτάμια καὶ μελαγχολία. Εἶνε καὶ κάτι ἄλλο ἀκόμη.

Τὸ μεγάλο χαρχεῖον ;

— Ὄχι.

— Μὰ τί λοιπόν ;

— Σκέψου καλά.

— Δὲν εὑρίσκω τίποτε ἄλλο.

Ἡ γραῖα ἐβίασε.

— Κορίτσια . . . εἰς τὴν σάλα τοῦ χοροῦ . . . Καὶ χαρὰ κορίτσια . . . ποῦ ἦμπορούσαν νὰ σοῦ ἀρέσουν !

— Πάλι τὰ ἴδια ! Κάθε χρόνο θὰ ἐπιστρέψω ἀπόψε τὴν ἴδιαν ἱστορίαν !...

Καὶ ἀπὸ τοῦ νὰ λέγῃ γιὰ τὸ καλὸ παιδί μου. Πόσων χρόνων εἶσαι τώρα ;

— Τριάντα ἔξ !

— Ὁρίστε ! Ξέρεις ὅτι κινδυνεύεις νὰ γίνῃς γεροντοπαλλήκαρο ;

Καὶ ὀφείλει μὲ ἐκείνην τὴν πεποίθησιν τῶν ἀποδεικνυόντων ὅτι ὑπῆρξαν εὐτυχεῖς.

— Φίλιππε, διὰ ν' ἀνθίστασαι τόσον ἐπίμονος εἰς τὴν γνώμην μας, θὰ ἔχῃς τοὺς λόγους σου.

— Ἒ ! καλὰ λοιπόν, νὰ, ἔχω κ' ἐγὼ τοὺς λόγους μου ! Ἕνα μόνον. Θὰ σᾶς τὸν πῶ καὶ ἐλπίζω ὅτι ἔπειτα πλέον δὲν θὰ μοῦ ὡμιλήσετε διὰ γάμον.

Ἡ γραῖα διηύθυνε κατ' αὐτοῦ ἐν ἀπὸ τὰ βλέμματα ἐκεῖνα τοῦ εἰσερευνητικὰ τέρα ἐρωτήσεως καὶ ἀνεκάθησεν εἰς τὸ ἀνάκλιντρον της.

— Ὁ νέος ἤρχισε.

*

— Εἶνε δώδεκα χρόνια σωστὰ ἔκτοτε. Εἶχα πάει καὶ τότε εἰς τὰ Πυρηναῖα, νεανίσκος, διὰ τὸ χωριό μου, διὰ νὰ πάρω μερικὰ λουτρά... Εἰς τὸ σπίτι ποῦ εἶχα εὕρει ζήτουν, μία οἰκογένεια καὶ ἡ οἰκογένεια αὐτὴ εἶχε μίαν κόρην. Ἀ ! ἐν ὥραις μικρούλα... καὶ ὑπερήφανον καὶ ἐλαφρὸν ἀνάστημα... Πῶς εἶνε, θὰ τὴν ἀγαπήσῃς ὅπως κ' ἐγώ ;

— Ὄχι, θά !

— Ξέρετε πόσον ἐκνευρίσματα εἶνε ἡ ἡμέρα εἰς τὰ λουτρά. Καθόνται ὅλοι μαζή, συναντῶνται στὴν σκάλα, στοὺς διαδρόμους, εἰς κάθε βῆμα. Ἐξω ἀπὸ τὸ κουρεῖον, εἰς τὴν αἴθουσαν τῶν χορῶν καὶ τὰς καρέκλες εἶνε ἡ μία κοντὰ τῆς ἄλλης καὶ ἀπὸ τὸ πρωὶ εἰς τὸ κάθε καθιστὸ πλατὺ — πλάτ. Ἐννοεῖται λοιπὸν ὅτι δὲν ἄργησα νὰ γνωρίσω τὴν οἰκογένειαν αὐτήν. Ἡ κόρη εἶχεν ἐπιβάλει ὡραίαν μορφήν, τὸ λεπτὸν καὶ εὔρυθμον ἀνάστημα, τὰ γαλανά καὶ γλυκύτατα μάτια. Ἡ γυναῖκα τῆς ὁποίας εἶνε ἡ ὡραιότης τὸ χάρισμα, θέλοῦμεν καὶ μακρυὰ ὡς ἐπὶ ἑλκυστικῶν μάνον, παρουσιάζετο τόσῳ εὐγενὴς καὶ χάριτας καὶ εὐφυΐας. Οἱ πρόσωποι ἐπείτα, αἱ μακραὶ συνελίξεις, ὁ χορός μου παρέχουν τὴν εὐκαιρίαν νὰ εἰσδύσω εἰς τὴν φιλίαν της. Ἔλα εἰς τὴν ἐλαφρότητα τῆς καὶ τὸ πᾶν τῆς ὁμιλίας τῆς ἐφαίνετο σοβαρωτάτη, τὰ ἀνέφερα εἰς τὴν κόρην τῆς μητρὸς καὶ ἐνθουσιασμένος. Ὤ ! πόσον τὴν ἀγαποῦσα !

Ἐν τούτοις ἡ ἐποχὴ ἐπροχώρει. Αἱ ἡμέραι, ὡς νὰ ἐκουράσθησαν ποῦ ἦτο τοσοῦτον, ἤρχισαν νὰ ἐγγυῶνται, νὰ ἐπισημαίνονται. Ἔφυγαν ὅλοι καὶ διεσκορπίσθησαν πρὸς ἐρημίας δενδροστοιχίας τὰς αὐλακώσεις. Καὶ τότε ἤρχισα νὰ ὀνειρεύωμαι. Ἐπὶ λεπτά, ἐπὶ ὥρας τὴν ἔβλεπα πάντοτε πλαγιὰ. Ἀπηλλάσσοντο ἡ ὑπόσχεσις ἐβλεπα ὅτι μὲ κατεῖχεν ζωντανὸν καιρόν τὸ θέλγητρον τῶν θυσεων τοῦ πόλου νὰ ἀδυνατίζουν ἐρωμένων ποὺ μὲ καὶ κατεῖχε τόσα εὐχαριστούμενον καὶ ἀπεκδυόμενον.

Εἰς δὲ τὸ Παρίσι ὅταν ἐγύρισαν αἱ οἰκογένειαι, ἐγὼ ἀπῆλθα εἰς τὰς κ. δὲ Λουδερό νὰ εἰσδύσω εἰς τὸ σαλόνι αὐτῆς, τὸ ὁποῖον μὲ ἐφαίνετο ποθεινὸν ἐρωτικῶς κενὸν ἐπὶ εἰς τὰς στάσεις κ' ἔμνεῖ εἰς τὸ πρῶτον κείνοτατος καὶ δὲν μοῦ ἤρεσε.

Ὅταν εἰσῆλθε ἡ Κλαίρη ἦτο ὀρθία καὶ ἐμειδία εἰς τὸ παιδί. Ἐτρέχην τρομερὰ καὶ μὲ ὕφος ὑπερήφανον καὶ εἰς τὸ σηκωμένον τῶν ποὺ στολισμένα τὸ νεφέλην τῶν ὑπὸ τὴν ἐπανεύρησιν πολὺ μαραζωμένη εἶχε ἀφιερώθη παρά τὴν τύπο. Δὲν εἶχε ἐπὶ τῆς μητέρα της τὰ μικρὰ καλοκαιρινὰ σχέδια οἰκογενειακὰ συνάντησιν.

Δὲν ἐνεμαίνωμεν ὅμως πολὺ εἰς τὴν οἰκογενειακὴν ἐκείνην καὶ μετὰ τὰς ἐπισήμους ἐπισκέψεις ἀπεχωρήσαμεν εἰς ἕνα μικρὸ

σαλονάκι, ὅπου ἐπὶ μίαν ὥραν ὡμιλήσαμεν δι' ὅλην τὴν κοινωνικὴν κίνησιν τῆς ἐποχῆς, δι' ὅλα τὰ πράγματα τὰ ὁποῖα ἤμπορούσαν νὰ μᾶς ἑλκύσουν τὴν προσοχήν.

— Μαντεύετε τί εἶδους ἦτο ὁ χειμὼν, ὁ ὁποῖος ἐπηκολούθησε. Μία μανία διὰ τὸν κόσμον, λίνητς ἑσπερίδες, χοροὶ, ἀπογευματιναί, σουπεδάκια, ἐπισκέψεις εἰς τὰ μουσεῖα, ἐκδρομαὶ τῆς φιλολογίας τῆς ποιήσεως, ὅλα ὅσα τέλος, πάντων ἀποτελεῖ τὴν ζωὴν τῶν εὐπόρων ἀέργων.

Ἐδῶ ἡ κ. Δεζινὸ διέκοψεν ἀποτόμως τὸν ἀνεψιὸν της.

— Τώρα ἐξηγῶ ποῦ εἶχε γείνει ἐκείνη ἡ μεταβολή, ἡ ὁποία μᾶς ἐξέπληξεν ὅλους. Ἀλλὰ παιδί μου εἶσαι. Διατὶ δι' αὐτὰ δὲν τὰ ἔλεγες τότε στὴ μαμά σου;

— Διότι—εἶπεν ὁ Φίλιππος—διότι εἶμαι πολὺ ἄτολμος, μὰ πάρα πολὺ ἄτολμος. Φοβούμαι, ὅτι ἂν ἐκμυστηρευθῶ εἰς κανένα τίποτε θὰ μὲ εἰρωνευθῇ... Γελάσε, ἀλλὰ ἔχω ὅτι εἶμαι χαιρωμένος !... Ἡ εὐθυμία εἰς ἐμὲ εἶνε μία συνήθεια, μία ὑποκρίσεις, κατὰ βάθος ὅμως εἶμαι μελαγχολικώτατος. Μοῦ φαίνεται, ὅτι ὅταν εἶνε βαθὺ κάποια ἀποκλίνῃ νὰ χρησιμοποιῶνται πρὸς τὴν ἀγαπητικὴ ἐκείνη τὴν ὥραν τῆς ἀξίας του. Καὶ τὸ πράγματι κατὰ θλιμμένον εἶχον, δι' ἐλθόν μου πάλιν. Καὶ ὅσον ἐκλείπεις καὶ ἀγγίζῃ τόσο ἡ ἔρως μου διὰ τὴν Κλαίρην δὲν ἤθελα νὰ τὸν ἐμπιστευθῶ εἰς κανένα. Οὕτε εἰς τὴν ἰδίαν. Αὔριον θὰ τῆς ἐξομολογήσω — ἔλεγα—αὔριον ὁριστικῶς.

Ἤρχετο ὅμως αὔριον καὶ τὰς ἐνοχλήσεις ἐριστικῶς. Ἄ ! ἂν μ' ἐξέλαπτε με πόσους στενοχωρίαν ἐκαθήμην εἰς τὸ κάθισμα καὶ περιέστρεφα εἰς τὸ καπέλλο μου μέσα εἰς τὰ χέρια μου, ἐνῷ ἡ κ. δὲ Λουδερό μὲ ἐρωτοῦσε διὰ τὴν ὑγείαν μου. Διότι ἤλπιζα αὐτὴ μὲ ἀγαπᾷ τὸν κ. πολ. Πολλάκις μὲ ἔφερεν ὡς παράδειγμα διακρίσεως, κομψότητος. Ἔλεγεν εἰς τὰ παιδιὰ της να γίνῃ ἄνθρωπος τοῦ σπιτιοῦ. Καὶ ὅμως ὁ ορθὸς δὲν εἶχε ἐρχομένα.

Τὸ ἐρχόμενον ἔτος ἀπηλλάσσονε ἀπὸ τὴν κατάστασιν αὐτήν, τῆς ὁποίας ἐγὼ ἤμην αἴτιος, ἔργυα διὰ τὴν Κωνσταντινούπολιν μὲ τὸν ἐξάδελφόν μου Πέτρον.

Ἡ εἰκὼν τῆς Κλαίρης ἦτο πάντοτε μπροστὰ εἰς τὰ μάτια μου, καὶ ἡ ἀπόστασις μεγαλοποιοῦσε αὐτὴν μοῦ ἐπέδειξεν ἀκόμη περισσότερον. Ἐξ μῆνας ἦνεχθην αὐτὴν τὴν κατάστασιν, καὶ καθ' ἡμέραν τὸ κακὸν ηὔξανε. Ἐνίοτε ἐνδομύχως τὴν ἐσκεπτόμην ὅτι ἕνας γάμος δὲν ἦτο ἀδύνατος, ὅτι εἰς τὴν Κλαίρην δὲν ἤμην ἀδιάφορος, καὶ ὅτι εἰς τὸ οἰκογενειακὸν τῆς τὸ σπίτι μὲ ἐδέχοντο καλά.

Ἔλαβα λοιπὸν ὁριστικῶς τὴν ἀπόφασίν μου καὶ ἐπέστρεψα εἰς τὸ Παρίσι διὰ νὰ ὁποβάλω αἴτησιν.

(Ἀκολουθεῖ)
ΥΓΡΟΝ
ΑΝΤΙΒΛΕΝΝΟΡΡΟΙΑΚΟΝ
ΕΣΤΕΜΜΕΝΟΝ
ΥΠΟ ΧΙΛΙΑΔΩΝ ΕΠΙΤΥΧΙΩΝ
('Εφευρεθὲν τῷ 1886)

Τὸ θαυμαστουργὸν τοῦτο φάρμακον θεραπεύει ἀληθέστατα καὶ ἄνευ συνεπειῶν τὰς ὀξείας, χρονίας καὶ χρονιωτάτας βλεννόρροιας, καθὼς καὶ τὴν λευκόρροιαν τῶν γυναικῶν. Τῶν μὲν ἀνδρῶν εἰς 8 ἡμέρας, τὰ δὲ γυναικῶν εἰς (6).

Τὸ φάρμακον τοῦτο εἶνε καὶ ἀλάνθαστον, προφυλακτικὸν κατὰ τῆς βλεννόρροιας καὶ ἐν γένει τῶν ἀφροδισιακῶν.

Τὸ γνήσιον πωλεῖται μόνον ἐν τῷ φαρμακείῳ ὁ «Γαληνὸς» Ν. ΒΑΚΤΑΛΟΠΟΥΛΟΥ πρώην Σ. ΝΙΚΟΛΑΪΔΟΥ, διασταύρωσις ὁδῶν Ἱπποκράτους καὶ Σόλωνος ἀρ. 75.

Ἐν τῷ φαρμακείῳ παραμένει εἰδικὸς ἰατρὸς καὶ ἐφευρέτης τοῦ φαρμάκου, δεχόμενος δωρεὰν τοὺς πάσχοντας ἀνδρας καὶ γυναῖκας. Αἱ ὧραι ἐπισκέψεως: πρωΐα ὥραι 10—12 π. μ. καὶ 3—5 μ. μ.

Ἑκάστη φιάλη δρ. 5,50. Εἰς τὰς ἐπαρχίας ἀποστέλλεται ἀντὶ δρ. 6 καὶ εἰς τὸ ἐξωτερικὸν φρ. χρ. 6.

Ἀποφεύγετε τὰς ἀπομιμήσεις.

ΕΝΟΙΚΙΑΖΕΤΑΙ ἀπὸ 1ης Σεπτεμβρίου ἡ κ. Σοφίας ἐν Ἀθήναις ἐπὶ τῆς ὁδοῦ Αἰόλου καὶ ἀριθ. 5 κόρφος μονοκατοικία μετὰ κήπου. Ἐν αὐτῇ ἐκτὸς τῶν ἑστιῶν, ὑπάρχει καὶ σπόκιαιον (καλορίας), ἐπίσης ἐγκαταστάσεις ὑδραγωγείου καὶ φωταερίου.

Ἐπίσης ἐνοικιάζεται ἀπὸ τοῦδε ἡ ἀπὸ 1ης Σεπτεμβρίου ἐν μαγαζεῖον κείμενον ἐπὶ τῆς ὁδοῦ Νταλίου καὶ ὑπὸ τὸ ξενοδοχεῖον «Μενέβα».

Πληροφορίαι ὁδὸς Κηφισίας 25.

Ἐνοικιάζεται ἐπὶ τῆς ὁδοῦ Ἀγγέλου ὑπ' ἀριθ. 3 οἰκία τοῦ κ. Δημ. Ἀργυροπούλου (κάτω πάτωμα).

Πληροφορίαι παρὰ τῷ ἰδιοκτήτῃ ἐν ὁδῷ Ρηγίλλης ἀριθ. 18.

Ἐνοικιάζεται ἐν Κάτω Πατησίοις οἰκία ἐξοχικὴ, λίαν εὐρύχωρος ἐντὸς κήπου. Πληροφορίαι εἰς τὸ παντοπωλεῖον Σπανοϊδάκη, ὁδὸς Ἁγίας Παρασκευῆς.
